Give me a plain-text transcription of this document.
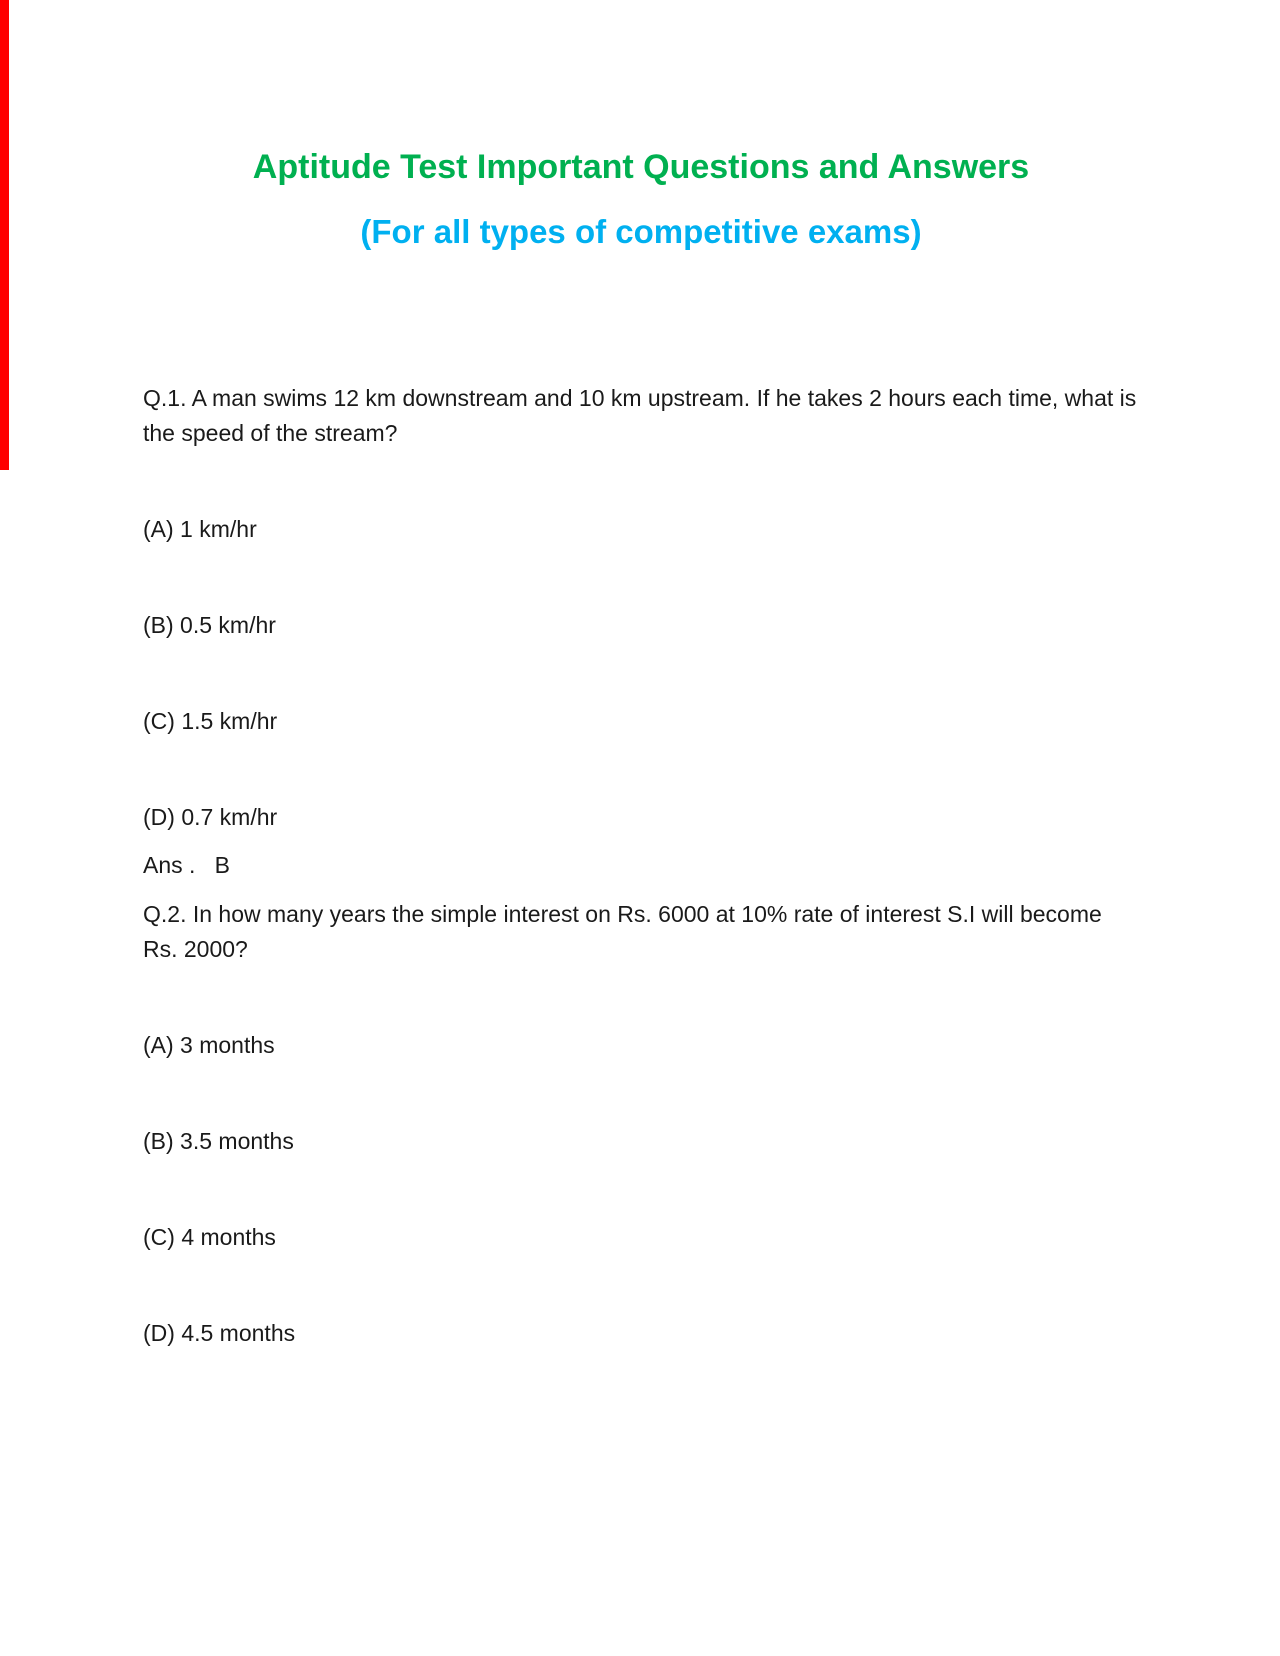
Aptitude Test Important Questions and Answers
(For all types of competitive exams)
Q.1. A man swims 12 km downstream and 10 km upstream. If he takes 2 hours each time, what is the speed of the stream?
(A) 1 km/hr
(B) 0.5 km/hr
(C) 1.5 km/hr
(D) 0.7 km/hr
Ans .   B
Q.2. In how many years the simple interest on Rs. 6000 at 10% rate of interest S.I will become Rs. 2000?
(A) 3 months
(B) 3.5 months
(C) 4 months
(D) 4.5 months
